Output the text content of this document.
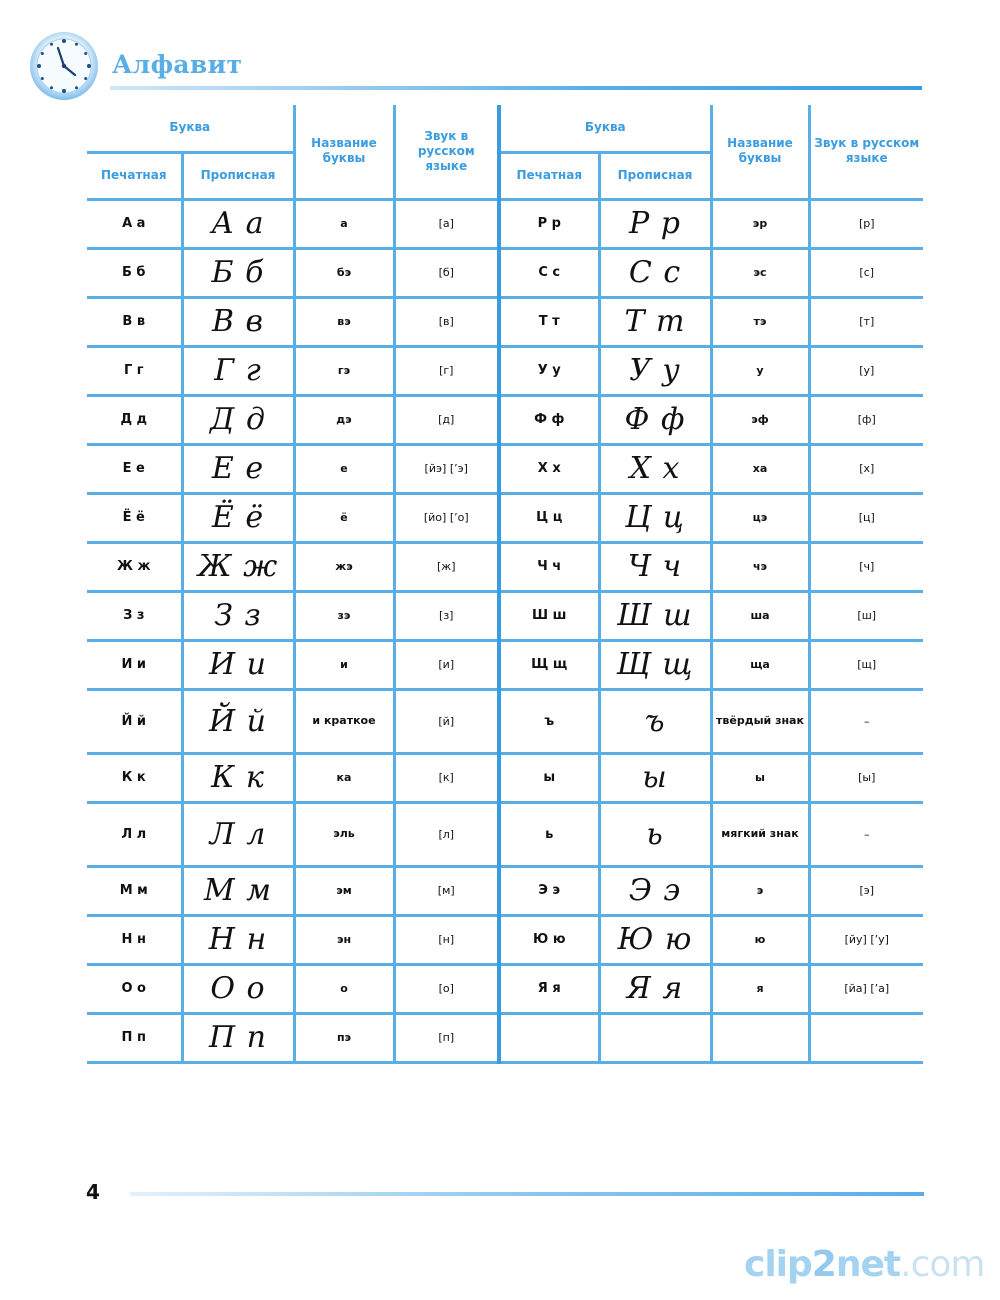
Алфавит
Буква		Название буквы	Звук в русском языке	Буква		Название буквы	Звук в русском языке
Печатная	Прописная			Печатная	Прописная		
А а	А а	а	[а]	Р р	Р р	эр	[р]
Б б	Б б	бэ	[б]	С с	С с	эс	[с]
В в	В в	вэ	[в]	Т т	Т т	тэ	[т]
Г г	Г г	гэ	[г]	У у	У у	у	[у]
Д д	Д д	дэ	[д]	Ф ф	Ф ф	эф	[ф]
Е е	Е е	е	[йэ] [’э]	Х х	Х х	ха	[х]
Ё ё	Ё ё	ё	[йо] [’о]	Ц ц	Ц ц	цэ	[ц]
Ж ж	Ж ж	жэ	[ж]	Ч ч	Ч ч	чэ	[ч]
З з	З з	зэ	[з]	Ш ш	Ш ш	ша	[ш]
И и	И и	и	[и]	Щ щ	Щ щ	ща	[щ]
Й й	Й й	и краткое	[й]	ъ	ъ	твёрдый знак	–
К к	К к	ка	[к]	ы	ы	ы	[ы]
Л л	Л л	эль	[л]	ь	ь	мягкий знак	–
М м	М м	эм	[м]	Э э	Э э	э	[э]
Н н	Н н	эн	[н]	Ю ю	Ю ю	ю	[йу] [’у]
О о	О о	о	[о]	Я я	Я я	я	[йа] [’а]
П п	П п	пэ	[п]				
4
clip2net.com
